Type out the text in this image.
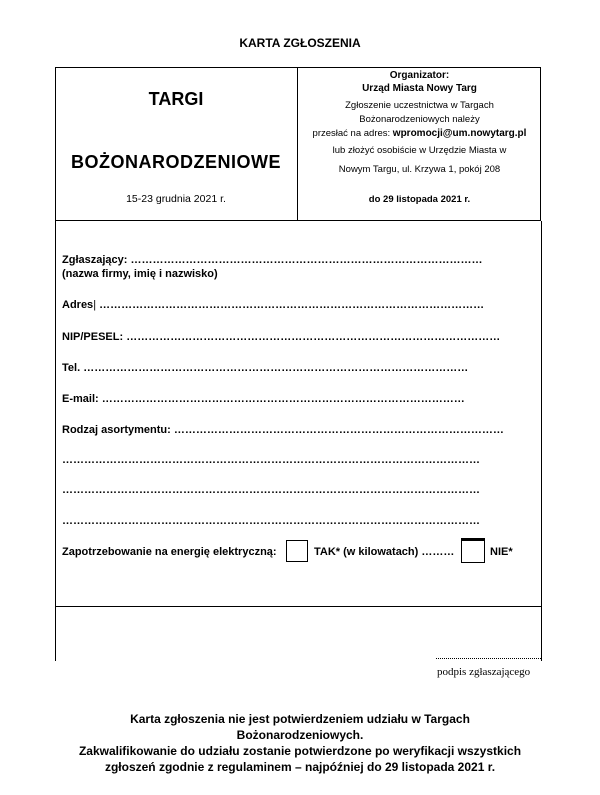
KARTA ZGŁOSZENIA
TARGI
BOŻONARODZENIOWE
15-23 grudnia 2021 r.
Organizator:
Urząd Miasta Nowy Targ
Zgłoszenie uczestnictwa w Targach
Bożonarodzeniowych należy
przesłać na adres: wpromocji@um.nowytarg.pl
lub złożyć osobiście w Urzędzie Miasta w
Nowym Targu, ul. Krzywa 1, pokój 208
do 29 listopada 2021 r.
Zgłaszający: ……………………………………………………………………………………
(nazwa firmy, imię i nazwisko)
Adres| ……………………………………………………………………………………………
NIP/PESEL: …………………………………………………………………………………………
Tel. ……………………………………………………………………………………………
E-mail: ………………………………………………………………………………………
Rodzaj asortymentu: ………………………………………………………………………………
……………………………………………………………………………………………………
……………………………………………………………………………………………………
……………………………………………………………………………………………………
Zapotrzebowanie na energię elektryczną:	TAK* (w kilowatach) ………	NIE*
podpis zgłaszającego
Karta zgłoszenia nie jest potwierdzeniem udziału w Targach
Bożonarodzeniowych.
Zakwalifikowanie do udziału zostanie potwierdzone po weryfikacji wszystkich
zgłoszeń zgodnie z regulaminem – najpóźniej do 29 listopada 2021 r.
